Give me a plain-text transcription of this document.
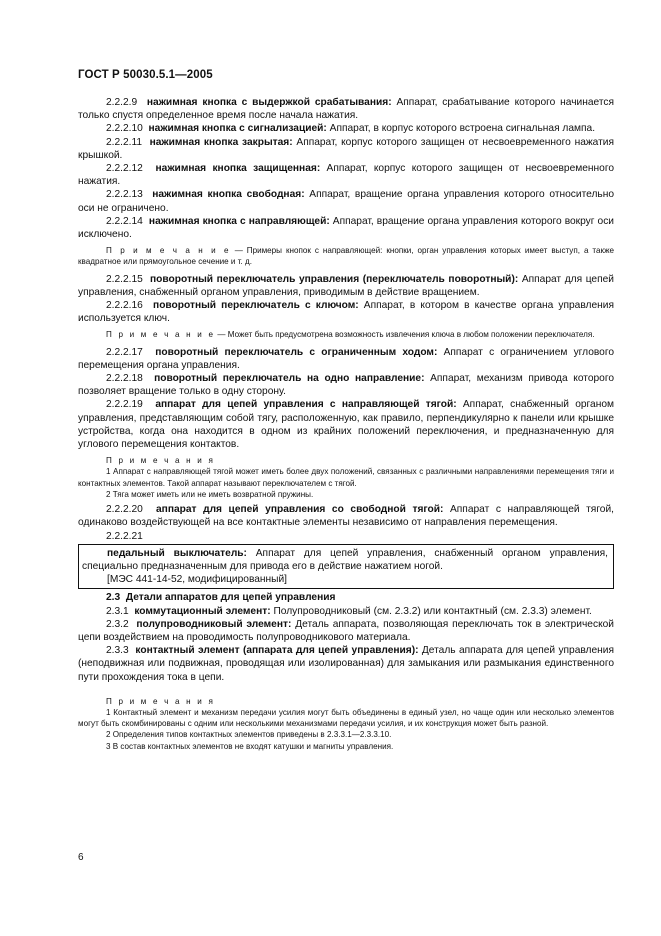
ГОСТ Р 50030.5.1—2005

2.2.2.9 нажимная кнопка с выдержкой срабатывания: Аппарат, срабатывание которого начинается только спустя определенное время после начала нажатия.

2.2.2.10 нажимная кнопка с сигнализацией: Аппарат, в корпус которого встроена сигнальная лампа.

2.2.2.11 нажимная кнопка закрытая: Аппарат, корпус которого защищен от несвоевременного нажатия крышкой.

2.2.2.12 нажимная кнопка защищенная: Аппарат, корпус которого защищен от несвоевременного нажатия.

2.2.2.13 нажимная кнопка свободная: Аппарат, вращение органа управления которого относительно оси не ограничено.

2.2.2.14 нажимная кнопка с направляющей: Аппарат, вращение органа управления которого вокруг оси исключено.

П р и м е ч а н и е — Примеры кнопок с направляющей: кнопки, орган управления которых имеет выступ, а также квадратное или прямоугольное сечение и т. д.

2.2.2.15 поворотный переключатель управления (переключатель поворотный): Аппарат для цепей управления, снабженный органом управления, приводимым в действие вращением.

2.2.2.16 поворотный переключатель с ключом: Аппарат, в котором в качестве органа управления используется ключ.

П р и м е ч а н и е — Может быть предусмотрена возможность извлечения ключа в любом положении переключателя.

2.2.2.17 поворотный переключатель с ограниченным ходом: Аппарат с ограничением углового перемещения органа управления.

2.2.2.18 поворотный переключатель на одно направление: Аппарат, механизм привода которого позволяет вращение только в одну сторону.

2.2.2.19 аппарат для цепей управления с направляющей тягой: Аппарат, снабженный органом управления, представляющим собой тягу, расположенную, как правило, перпендикулярно к панели или крышке устройства, когда она находится в одном из крайних положений переключения, и предназначенную для углового перемещения контактов.

П р и м е ч а н и я

1 Аппарат с направляющей тягой может иметь более двух положений, связанных с различными направлениями перемещения тяги и контактных элементов. Такой аппарат называют переключателем с тягой.

2 Тяга может иметь или не иметь возвратной пружины.

2.2.2.20 аппарат для цепей управления со свободной тягой: Аппарат с направляющей тягой, одинаково воздействующей на все контактные элементы независимо от направления перемещения.

2.2.2.21

педальный выключатель: Аппарат для цепей управления, снабженный органом управления, специально предназначенным для привода его в действие нажатием ногой.

[МЭС 441-14-52, модифицированный]

2.3 Детали аппаратов для цепей управления

2.3.1 коммутационный элемент: Полупроводниковый (см. 2.3.2) или контактный (см. 2.3.3) элемент.

2.3.2 полупроводниковый элемент: Деталь аппарата, позволяющая переключать ток в электрической цепи воздействием на проводимость полупроводникового материала.

2.3.3 контактный элемент (аппарата для цепей управления): Деталь аппарата для цепей управления (неподвижная или подвижная, проводящая или изолированная) для замыкания или размыкания единственного пути прохождения тока в цепи.

П р и м е ч а н и я

1 Контактный элемент и механизм передачи усилия могут быть объединены в единый узел, но чаще один или несколько элементов могут быть скомбинированы с одним или несколькими механизмами передачи усилия, и их конструкция может быть разной.

2 Определения типов контактных элементов приведены в 2.3.3.1—2.3.3.10.

3 В состав контактных элементов не входят катушки и магниты управления.

6
